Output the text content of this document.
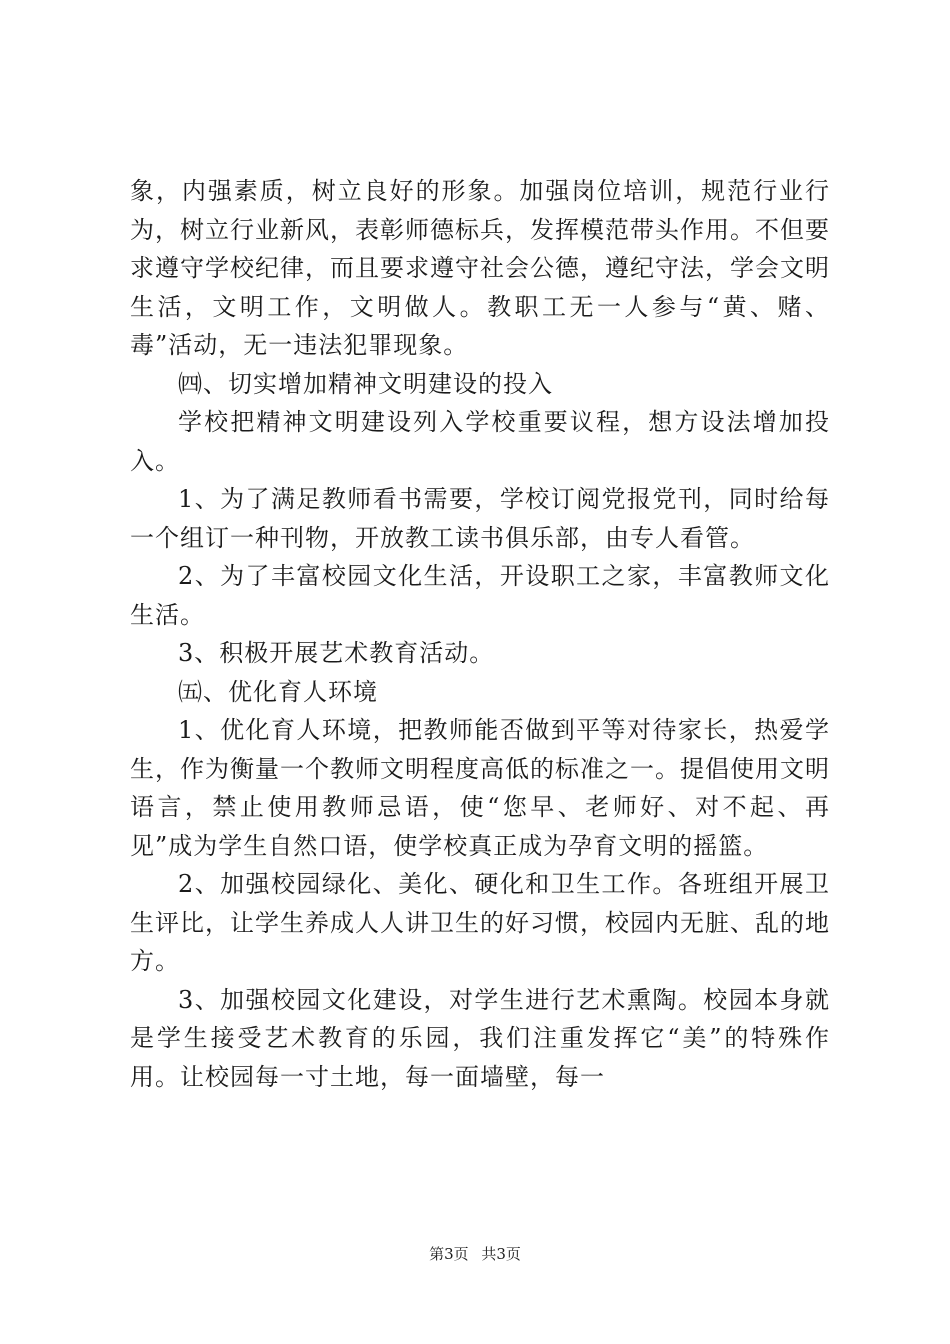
象，内强素质，树立良好的形象。加强岗位培训，规范行业行为，树立行业新风，表彰师德标兵，发挥模范带头作用。不但要求遵守学校纪律，而且要求遵守社会公德，遵纪守法，学会文明生活，文明工作，文明做人。教职工无一人参与“黄、赌、毒”活动，无一违法犯罪现象。

㈣、切实增加精神文明建设的投入

学校把精神文明建设列入学校重要议程，想方设法增加投入。

1、为了满足教师看书需要，学校订阅党报党刊，同时给每一个组订一种刊物，开放教工读书俱乐部，由专人看管。

2、为了丰富校园文化生活，开设职工之家，丰富教师文化生活。

3、积极开展艺术教育活动。

㈤、优化育人环境

1、优化育人环境，把教师能否做到平等对待家长，热爱学生，作为衡量一个教师文明程度高低的标准之一。提倡使用文明语言，禁止使用教师忌语，使“您早、老师好、对不起、再见”成为学生自然口语，使学校真正成为孕育文明的摇篮。

2、加强校园绿化、美化、硬化和卫生工作。各班组开展卫生评比，让学生养成人人讲卫生的好习惯，校园内无脏、乱的地方。

3、加强校园文化建设，对学生进行艺术熏陶。校园本身就是学生接受艺术教育的乐园，我们注重发挥它“美”的特殊作用。让校园每一寸土地，每一面墙壁，每一

第3页 共3页
